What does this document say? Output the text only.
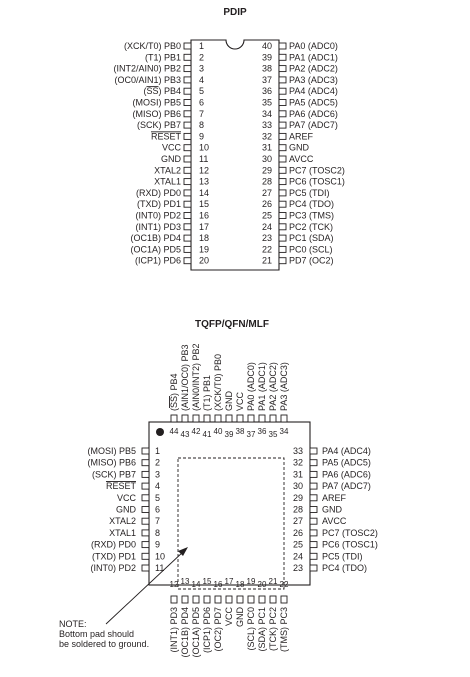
PDIP
1
(XCK/T0) PB0
2
(T1) PB1
3
(INT2/AIN0) PB2
4
(OC0/AIN1) PB3
5
(SS) PB4
6
(MOSI) PB5
7
(MISO) PB6
8
(SCK) PB7
9
RESET
10
VCC
11
GND
12
XTAL2
13
XTAL1
14
(RXD) PD0
15
(TXD) PD1
16
(INT0) PD2
17
(INT1) PD3
18
(OC1B) PD4
19
(OC1A) PD5
20
(ICP1) PD6
40 PA0 (ADC0)
39 PA1 (ADC1)
38 PA2 (ADC2)
37 PA3 (ADC3)
36 PA4 (ADC4)
35 PA5 (ADC5)
34 PA6 (ADC6)
33 PA7 (ADC7)
32 AREF
31 GND
30 AVCC
29 PC7 (TOSC2)
28 PC6 (TOSC1)
27 PC5 (TDI)
26 PC4 (TDO)
25 PC3 (TMS)
24 PC2 (TCK)
23 PC1 (SDA)
22 PC0 (SCL)
21 PD7 (OC2)
TQFP/QFN/MLF
1
(MOSI) PB5
2
(MISO) PB6
3
(SCK) PB7
4
RESET
5
VCC
6
GND
7
XTAL2
8
XTAL1
9
(RXD) PD0
10
(TXD) PD1
11
(INT0) PD2
33 PA4 (ADC4)
32 PA5 (ADC5)
31 PA6 (ADC6)
30 PA7 (ADC7)
29 AREF
28 GND
27 AVCC
26 PC7 (TOSC2)
25 PC6 (TOSC1)
24 PC5 (TDI)
23 PC4 (TDO)
44
(SS) PB4
43
(AIN1/OC0) PB3
42
(AIN0/INT2) PB2
41
(T1) PB1
40
(XCK/T0) PB0
39
GND
38
VCC
37
PA0 (ADC0)
36
PA1 (ADC1)
35
PA2 (ADC2)
34
PA3 (ADC3)
12
(INT1) PD3
13
(OC1B) PD4
14
(OC1A) PD5
15
(ICP1) PD6
16
(OC2) PD7
17
VCC
18
GND
19
(SCL) PC0
20
(SDA) PC1
21
(TCK) PC2
22
(TMS) PC3
NOTE:
Bottom pad should
be soldered to ground.
